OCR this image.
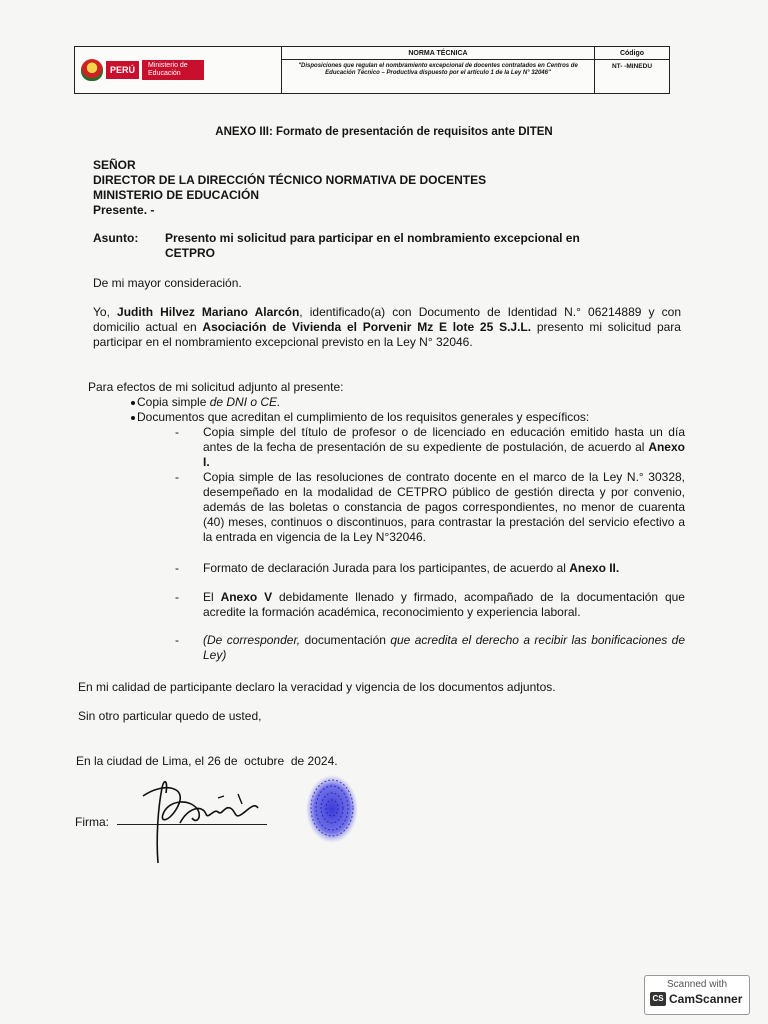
PERÚ	Ministerio de Educación
NORMA TÉCNICA
"Disposiciones que regulan el nombramiento excepcional de docentes contratados en Centros de Educación Técnico – Productiva dispuesto por el artículo 1 de la Ley N° 32046"
Código
NT- -MINEDU
ANEXO III: Formato de presentación de requisitos ante DITEN
SEÑOR
DIRECTOR DE LA DIRECCIÓN TÉCNICO NORMATIVA DE DOCENTES
MINISTERIO DE EDUCACIÓN
Presente. -
Asunto: Presento mi solicitud para participar en el nombramiento excepcional en
CETPRO
De mi mayor consideración.
Yo, Judith Hilvez Mariano Alarcón, identificado(a) con Documento de Identidad N.° 06214889 y con domicilio actual en Asociación de Vivienda el Porvenir Mz E lote 25 S.J.L. presento mi solicitud para participar en el nombramiento excepcional previsto en la Ley N° 32046.
Para efectos de mi solicitud adjunto al presente:
Copia simple de DNI o CE.
Documentos que acreditan el cumplimiento de los requisitos generales y específicos:
- Copia simple del título de profesor o de licenciado en educación emitido hasta un día antes de la fecha de presentación de su expediente de postulación, de acuerdo al Anexo I.
- Copia simple de las resoluciones de contrato docente en el marco de la Ley N.° 30328, desempeñado en la modalidad de CETPRO público de gestión directa y por convenio, además de las boletas o constancia de pagos correspondientes, no menor de cuarenta (40) meses, continuos o discontinuos, para contrastar la prestación del servicio efectivo a la entrada en vigencia de la Ley N°32046.
- Formato de declaración Jurada para los participantes, de acuerdo al Anexo II.
- El Anexo V debidamente llenado y firmado, acompañado de la documentación que acredite la formación académica, reconocimiento y experiencia laboral.
- (De corresponder, documentación que acredita el derecho a recibir las bonificaciones de Ley)
En mi calidad de participante declaro la veracidad y vigencia de los documentos adjuntos.
Sin otro particular quedo de usted,
En la ciudad de Lima, el 26 de octubre de 2024.
Firma:
Scanned with
CS CamScanner
